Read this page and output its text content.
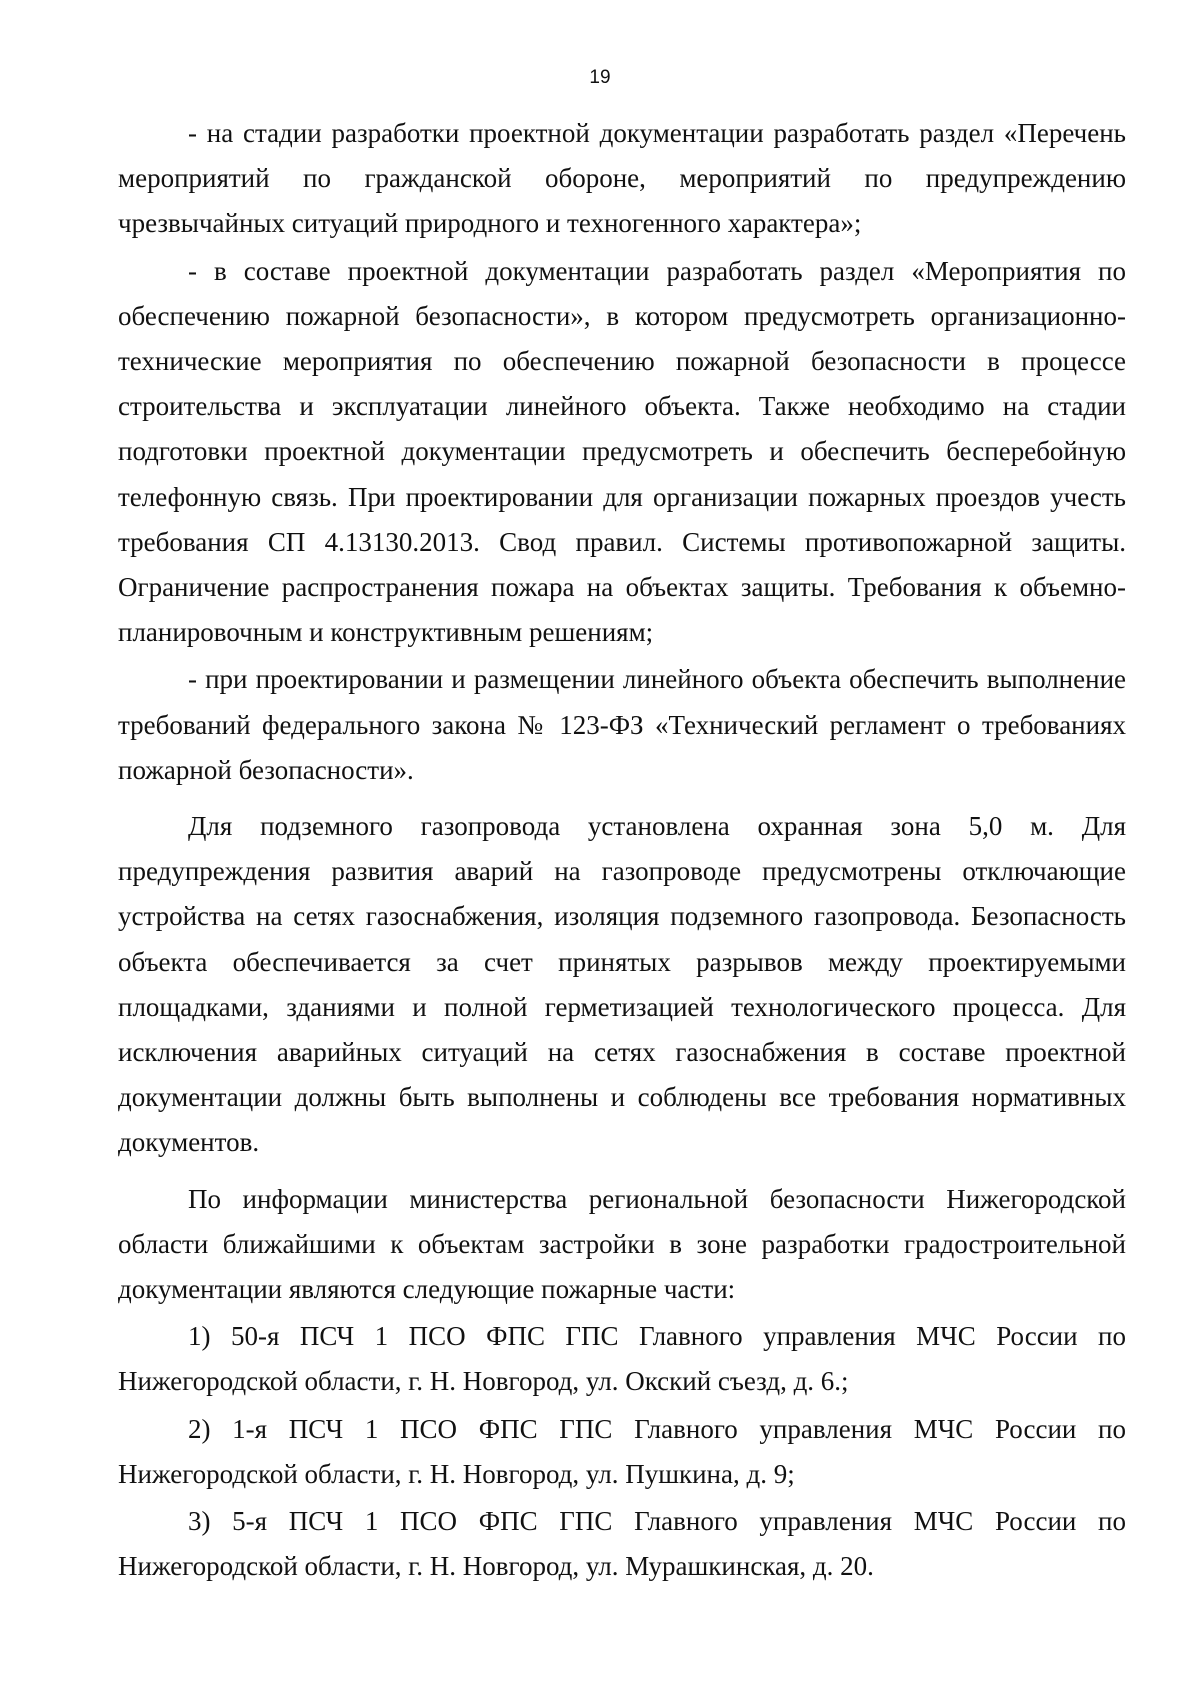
19

- на стадии разработки проектной документации разработать раздел «Перечень мероприятий по гражданской обороне, мероприятий по предупреждению чрезвычайных ситуаций природного и техногенного характера»;

- в составе проектной документации разработать раздел «Мероприятия по обеспечению пожарной безопасности», в котором предусмотреть организационно-технические мероприятия по обеспечению пожарной безопасности в процессе строительства и эксплуатации линейного объекта. Также необходимо на стадии подготовки проектной документации предусмотреть и обеспечить бесперебойную телефонную связь. При проектировании для организации пожарных проездов учесть требования СП 4.13130.2013. Свод правил. Системы противопожарной защиты. Ограничение распространения пожара на объектах защиты. Требования к объемно-планировочным и конструктивным решениям;

- при проектировании и размещении линейного объекта обеспечить выполнение требований федерального закона № 123-ФЗ «Технический регламент о требованиях пожарной безопасности».

Для подземного газопровода установлена охранная зона 5,0 м. Для предупреждения развития аварий на газопроводе предусмотрены отключающие устройства на сетях газоснабжения, изоляция подземного газопровода. Безопасность объекта обеспечивается за счет принятых разрывов между проектируемыми площадками, зданиями и полной герметизацией технологического процесса. Для исключения аварийных ситуаций на сетях газоснабжения в составе проектной документации должны быть выполнены и соблюдены все требования нормативных документов.

По информации министерства региональной безопасности Нижегородской области ближайшими к объектам застройки в зоне разработки градостроительной документации являются следующие пожарные части:

1) 50-я ПСЧ 1 ПСО ФПС ГПС Главного управления МЧС России по Нижегородской области, г. Н. Новгород, ул. Окский съезд, д. 6.;

2) 1-я ПСЧ 1 ПСО ФПС ГПС Главного управления МЧС России по Нижегородской области, г. Н. Новгород, ул. Пушкина, д. 9;

3) 5-я ПСЧ 1 ПСО ФПС ГПС Главного управления МЧС России по Нижегородской области, г. Н. Новгород, ул. Мурашкинская, д. 20.
